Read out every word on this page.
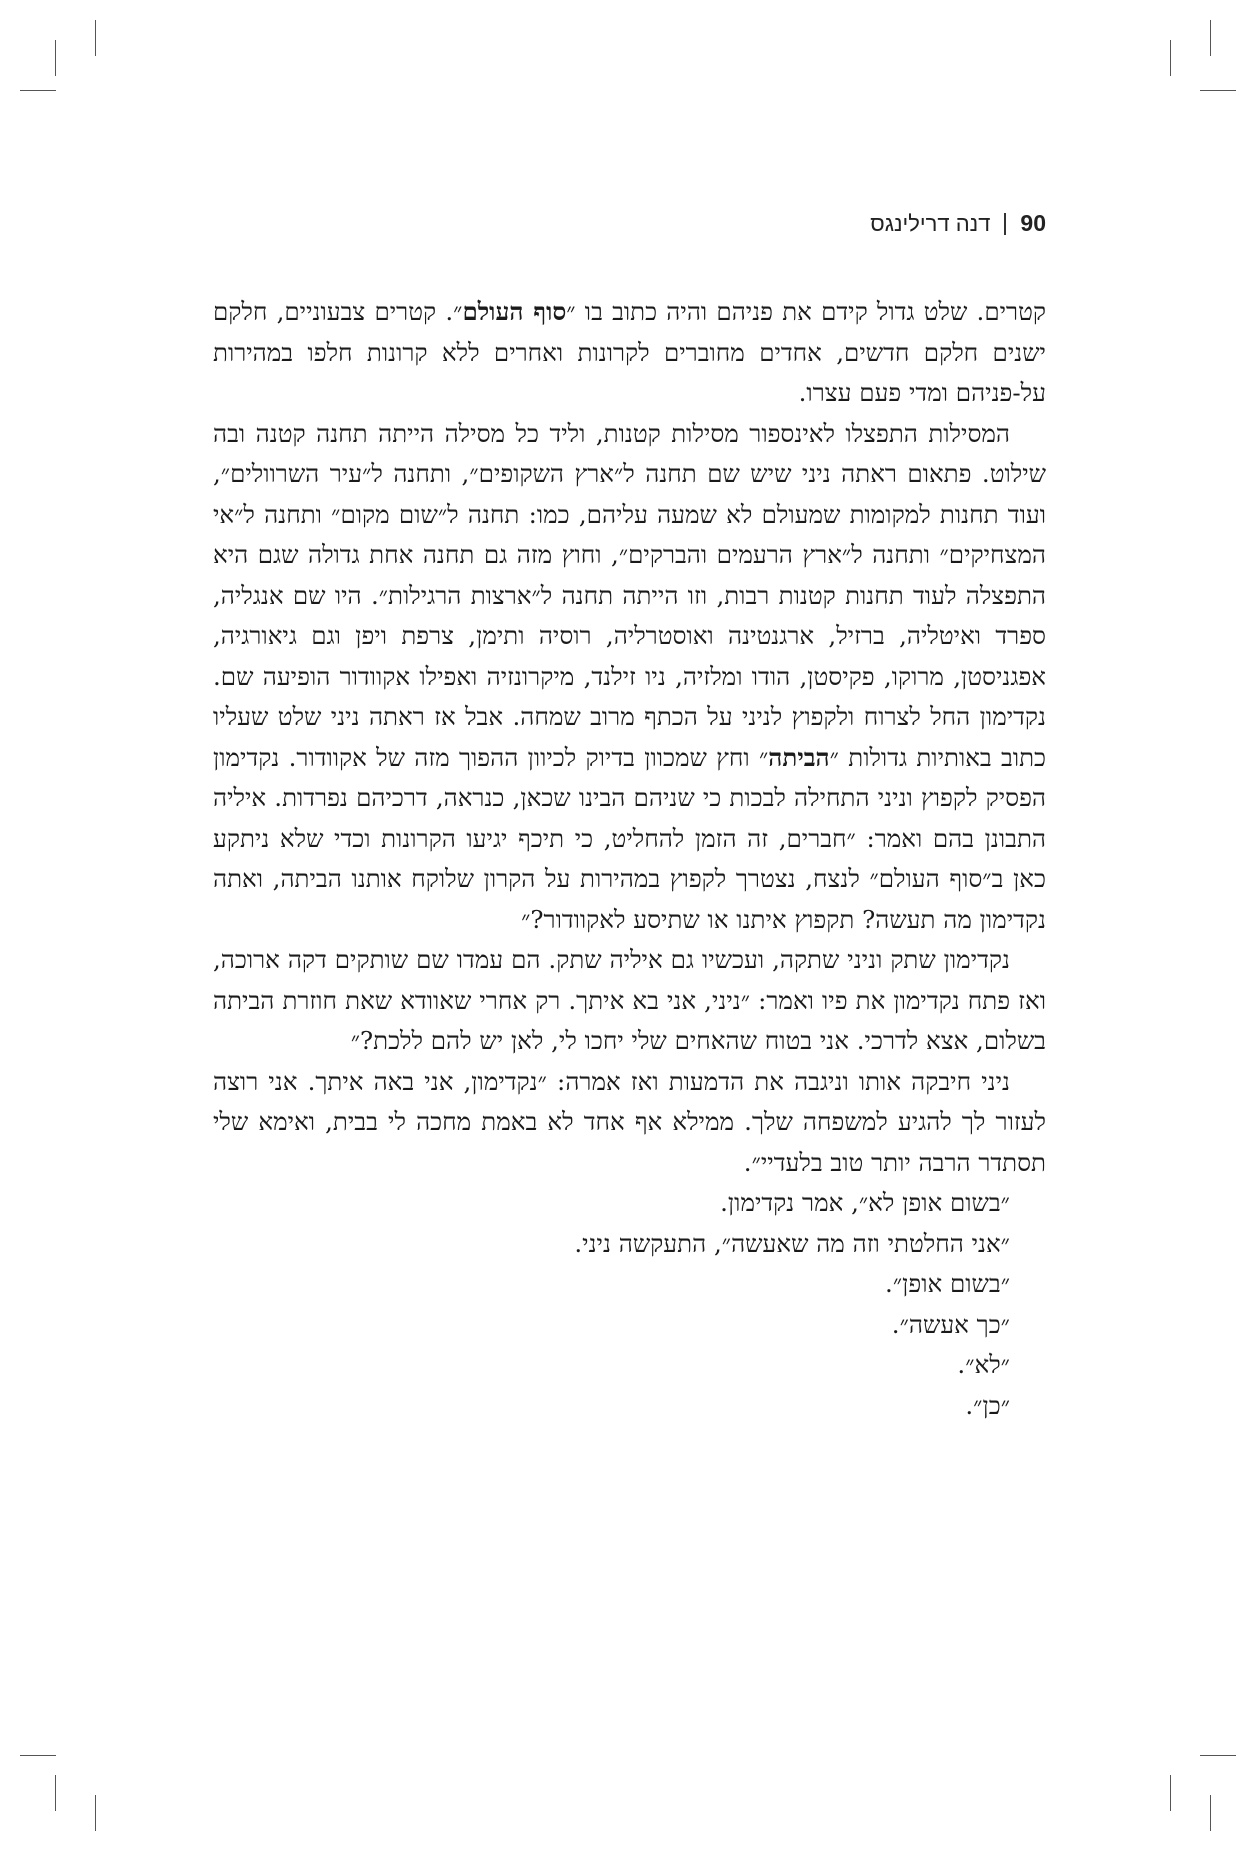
90
דנה דרילינגס

קטרים. שלט גדול קידם את פניהם והיה כתוב בו ״סוף העולם״. קטרים צבעוניים, חלקם ישנים חלקם חדשים, אחדים מחוברים לקרונות ואחרים ללא קרונות חלפו במהירות על-פניהם ומדי פעם עצרו.

המסילות התפצלו לאינספור מסילות קטנות, וליד כל מסילה הייתה תחנה קטנה ובה שילוט. פתאום ראתה ניני שיש שם תחנה ל״ארץ השקופים״, ותחנה ל״עיר השרוולים״, ועוד תחנות למקומות שמעולם לא שמעה עליהם, כמו: תחנה ל״שום מקום״ ותחנה ל״אי המצחיקים״ ותחנה ל״ארץ הרעמים והברקים״, וחוץ מזה גם תחנה אחת גדולה שגם היא התפצלה לעוד תחנות קטנות רבות, וזו הייתה תחנה ל״ארצות הרגילות״. היו שם אנגליה, ספרד ואיטליה, ברזיל, ארגנטינה ואוסטרליה, רוסיה ותימן, צרפת ויפן וגם גיאורגיה, אפגניסטן, מרוקו, פקיסטן, הודו ומלזיה, ניו זילנד, מיקרונזיה ואפילו אקוודור הופיעה שם. נקדימון החל לצרוח ולקפוץ לניני על הכתף מרוב שמחה. אבל אז ראתה ניני שלט שעליו כתוב באותיות גדולות ״הביתה״ וחץ שמכוון בדיוק לכיוון ההפוך מזה של אקוודור. נקדימון הפסיק לקפוץ וניני התחילה לבכות כי שניהם הבינו שכאן, כנראה, דרכיהם נפרדות. איליה התבונן בהם ואמר: ״חברים, זה הזמן להחליט, כי תיכף יגיעו הקרונות וכדי שלא ניתקע כאן ב״סוף העולם״ לנצח, נצטרך לקפוץ במהירות על הקרון שלוקח אותנו הביתה, ואתה נקדימון מה תעשה? תקפוץ איתנו או שתיסע לאקוודור?״

נקדימון שתק וניני שתקה, ועכשיו גם איליה שתק. הם עמדו שם שותקים דקה ארוכה, ואז פתח נקדימון את פיו ואמר: ״ניני, אני בא איתך. רק אחרי שאוודא שאת חוזרת הביתה בשלום, אצא לדרכי. אני בטוח שהאחים שלי יחכו לי, לאן יש להם ללכת?״

ניני חיבקה אותו וניגבה את הדמעות ואז אמרה: ״נקדימון, אני באה איתך. אני רוצה לעזור לך להגיע למשפחה שלך. ממילא אף אחד לא באמת מחכה לי בבית, ואימא שלי תסתדר הרבה יותר טוב בלעדיי״.

״בשום אופן לא״, אמר נקדימון.

״אני החלטתי וזה מה שאעשה״, התעקשה ניני.

״בשום אופן״.

״כך אעשה״.

״לא״.

״כן״.
